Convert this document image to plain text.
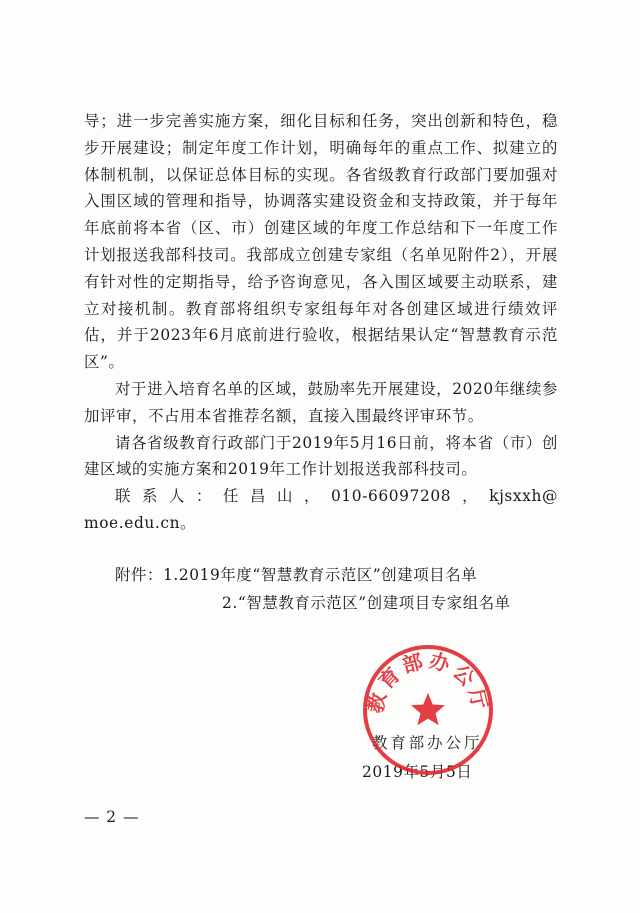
导；进一步完善实施方案，细化目标和任务，突出创新和特色，稳步开展建设；制定年度工作计划，明确每年的重点工作、拟建立的体制机制，以保证总体目标的实现。各省级教育行政部门要加强对入围区域的管理和指导，协调落实建设资金和支持政策，并于每年年底前将本省（区、市）创建区域的年度工作总结和下一年度工作计划报送我部科技司。我部成立创建专家组（名单见附件2），开展有针对性的定期指导，给予咨询意见，各入围区域要主动联系，建立对接机制。教育部将组织专家组每年对各创建区域进行绩效评估，并于2023年6月底前进行验收，根据结果认定“智慧教育示范区”。

对于进入培育名单的区域，鼓励率先开展建设，2020年继续参加评审，不占用本省推荐名额，直接入围最终评审环节。

请各省级教育行政部门于2019年5月16日前，将本省（市）创建区域的实施方案和2019年工作计划报送我部科技司。

联系人：任昌山，010-66097208，kjsxxh@ moe.edu.cn。

附件：1.2019年度“智慧教育示范区”创建项目名单
2.“智慧教育示范区”创建项目专家组名单
教育部办公厅
教育部办公厅
2019年5月5日
— 2 —
